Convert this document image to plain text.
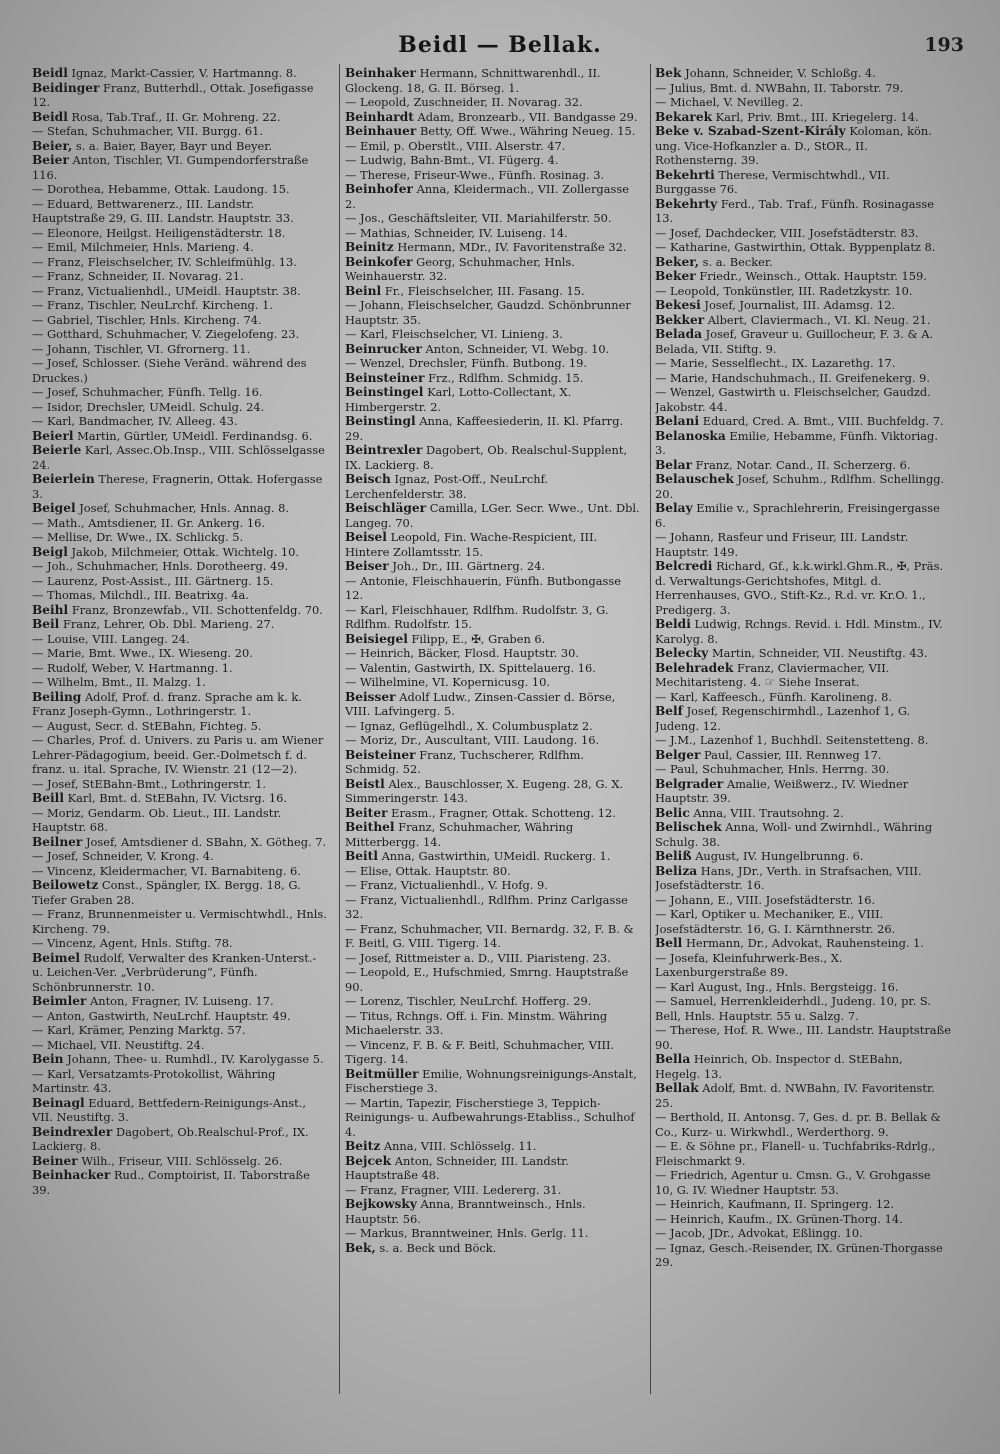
Beidl — Bellak.	193

Beidl Ignaz, Markt-Cassier, V. Hartmanng. 8.

Beidinger Franz, Butterhdl., Ottak. Josefigasse 12.

Beidl Rosa, Tab.Traf., II. Gr. Mohreng. 22.

— Stefan, Schuhmacher, VII. Burgg. 61.

Beier, s. a. Baier, Bayer, Bayr und Beyer.

Beier Anton, Tischler, VI. Gumpendorferstraße 116.

— Dorothea, Hebamme, Ottak. Laudong. 15.

— Eduard, Bettwarenerz., III. Landstr. Hauptstraße 29, G. III. Landstr. Hauptstr. 33.

— Eleonore, Heilgst. Heiligenstädterstr. 18.

— Emil, Milchmeier, Hnls. Marieng. 4.

— Franz, Fleischselcher, IV. Schleifmühlg. 13.

— Franz, Schneider, II. Novarag. 21.

— Franz, Victualienhdl., UMeidl. Hauptstr. 38.

— Franz, Tischler, NeuLrchf. Kircheng. 1.

— Gabriel, Tischler, Hnls. Kircheng. 74.

— Gotthard, Schuhmacher, V. Ziegelofeng. 23.

— Johann, Tischler, VI. Gfrornerg. 11.

— Josef, Schlosser. (Siehe Veränd. während des Druckes.)

— Josef, Schuhmacher, Fünfh. Tellg. 16.

— Isidor, Drechsler, UMeidl. Schulg. 24.

— Karl, Bandmacher, IV. Alleeg. 43.

Beierl Martin, Gürtler, UMeidl. Ferdinandsg. 6.

Beierle Karl, Assec.Ob.Insp., VIII. Schlösselgasse 24.

Beierlein Therese, Fragnerin, Ottak. Hofergasse 3.

Beigel Josef, Schuhmacher, Hnls. Annag. 8.

— Math., Amtsdiener, II. Gr. Ankerg. 16.

— Mellise, Dr. Wwe., IX. Schlickg. 5.

Beigl Jakob, Milchmeier, Ottak. Wichtelg. 10.

— Joh., Schuhmacher, Hnls. Dorotheerg. 49.

— Laurenz, Post-Assist., III. Gärtnerg. 15.

— Thomas, Milchdl., III. Beatrixg. 4a.

Beihl Franz, Bronzewfab., VII. Schottenfeldg. 70.

Beil Franz, Lehrer, Ob. Dbl. Marieng. 27.

— Louise, VIII. Langeg. 24.

— Marie, Bmt. Wwe., IX. Wieseng. 20.

— Rudolf, Weber, V. Hartmanng. 1.

— Wilhelm, Bmt., II. Malzg. 1.

Beiling Adolf, Prof. d. franz. Sprache am k. k. Franz Joseph-Gymn., Lothringerstr. 1.

— August, Secr. d. StEBahn, Fichteg. 5.

— Charles, Prof. d. Univers. zu Paris u. am Wiener Lehrer-Pädagogium, beeid. Ger.-Dolmetsch f. d. franz. u. ital. Sprache, IV. Wienstr. 21 (12—2).

— Josef, StEBahn-Bmt., Lothringerstr. 1.

Beill Karl, Bmt. d. StEBahn, IV. Victsrg. 16.

— Moriz, Gendarm. Ob. Lieut., III. Landstr. Hauptstr. 68.

Beilner Josef, Amtsdiener d. SBahn, X. Götheg. 7.

— Josef, Schneider, V. Krong. 4.

— Vincenz, Kleidermacher, VI. Barnabiteng. 6.

Beilowetz Const., Spängler, IX. Bergg. 18, G. Tiefer Graben 28.

— Franz, Brunnenmeister u. Vermischtwhdl., Hnls. Kircheng. 79.

— Vincenz, Agent, Hnls. Stiftg. 78.

Beimel Rudolf, Verwalter des Kranken-Unterst.- u. Leichen-Ver. „Verbrüderung“, Fünfh. Schönbrunnerstr. 10.

Beimler Anton, Fragner, IV. Luiseng. 17.

— Anton, Gastwirth, NeuLrchf. Hauptstr. 49.

— Karl, Krämer, Penzing Marktg. 57.

— Michael, VII. Neustiftg. 24.

Bein Johann, Thee- u. Rumhdl., IV. Karolygasse 5.

— Karl, Versatzamts-Protokollist, Währing Martinstr. 43.

Beinagl Eduard, Bettfedern-Reinigungs-Anst., VII. Neustiftg. 3.

Beindrexler Dagobert, Ob.Realschul-Prof., IX. Lackierg. 8.

Beiner Wilh., Friseur, VIII. Schlösselg. 26.

Beinhacker Rud., Comptoirist, II. Taborstraße 39.

Beinhaker Hermann, Schnittwarenhdl., II. Glockeng. 18, G. II. Börseg. 1.

— Leopold, Zuschneider, II. Novarag. 32.

Beinhardt Adam, Bronzearb., VII. Bandgasse 29.

Beinhauer Betty, Off. Wwe., Währing Neueg. 15.

— Emil, p. Oberstlt., VIII. Alserstr. 47.

— Ludwig, Bahn-Bmt., VI. Fügerg. 4.

— Therese, Friseur-Wwe., Fünfh. Rosinag. 3.

Beinhofer Anna, Kleidermach., VII. Zollergasse 2.

— Jos., Geschäftsleiter, VII. Mariahilferstr. 50.

— Mathias, Schneider, IV. Luiseng. 14.

Beinitz Hermann, MDr., IV. Favoritenstraße 32.

Beinkofer Georg, Schuhmacher, Hnls. Weinhauerstr. 32.

Beinl Fr., Fleischselcher, III. Fasang. 15.

— Johann, Fleischselcher, Gaudzd. Schönbrunner Hauptstr. 35.

— Karl, Fleischselcher, VI. Linieng. 3.

Beinrucker Anton, Schneider, VI. Webg. 10.

— Wenzel, Drechsler, Fünfh. Butbong. 19.

Beinsteiner Frz., Rdlfhm. Schmidg. 15.

Beinstingel Karl, Lotto-Collectant, X. Himbergerstr. 2.

Beinstingl Anna, Kaffeesiederin, II. Kl. Pfarrg. 29.

Beintrexler Dagobert, Ob. Realschul-Supplent, IX. Lackierg. 8.

Beisch Ignaz, Post-Off., NeuLrchf. Lerchenfelderstr. 38.

Beischläger Camilla, LGer. Secr. Wwe., Unt. Dbl. Langeg. 70.

Beisel Leopold, Fin. Wache-Respicient, III. Hintere Zollamtsstr. 15.

Beiser Joh., Dr., III. Gärtnerg. 24.

— Antonie, Fleischhauerin, Fünfh. Butbongasse 12.

— Karl, Fleischhauer, Rdlfhm. Rudolfstr. 3, G. Rdlfhm. Rudolfstr. 15.

Beisiegel Filipp, E., ✠, Graben 6.

— Heinrich, Bäcker, Flosd. Hauptstr. 30.

— Valentin, Gastwirth, IX. Spittelauerg. 16.

— Wilhelmine, VI. Kopernicusg. 10.

Beisser Adolf Ludw., Zinsen-Cassier d. Börse, VIII. Lafvingerg. 5.

— Ignaz, Geflügelhdl., X. Columbusplatz 2.

— Moriz, Dr., Auscultant, VIII. Laudong. 16.

Beisteiner Franz, Tuchscherer, Rdlfhm. Schmidg. 52.

Beistl Alex., Bauschlosser, X. Eugeng. 28, G. X. Simmeringerstr. 143.

Beiter Erasm., Fragner, Ottak. Schotteng. 12.

Beithel Franz, Schuhmacher, Währing Mitterbergg. 14.

Beitl Anna, Gastwirthin, UMeidl. Ruckerg. 1.

— Elise, Ottak. Hauptstr. 80.

— Franz, Victualienhdl., V. Hofg. 9.

— Franz, Victualienhdl., Rdlfhm. Prinz Carlgasse 32.

— Franz, Schuhmacher, VII. Bernardg. 32, F. B. & F. Beitl, G. VIII. Tigerg. 14.

— Josef, Rittmeister a. D., VIII. Piaristeng. 23.

— Leopold, E., Hufschmied, Smrng. Hauptstraße 90.

— Lorenz, Tischler, NeuLrchf. Hofferg. 29.

— Titus, Rchngs. Off. i. Fin. Minstm. Währing Michaelerstr. 33.

— Vincenz, F. B. & F. Beitl, Schuhmacher, VIII. Tigerg. 14.

Beitmüller Emilie, Wohnungsreinigungs-Anstalt, Fischerstiege 3.

— Martin, Tapezir, Fischerstiege 3, Teppich-Reinigungs- u. Aufbewahrungs-Etabliss., Schulhof 4.

Beitz Anna, VIII. Schlösselg. 11.

Bejcek Anton, Schneider, III. Landstr. Hauptstraße 48.

— Franz, Fragner, VIII. Ledererg. 31.

Bejkowsky Anna, Branntweinsch., Hnls. Hauptstr. 56.

— Markus, Branntweiner, Hnls. Gerlg. 11.

Bek, s. a. Beck und Böck.

Bek Johann, Schneider, V. Schloßg. 4.

— Julius, Bmt. d. NWBahn, II. Taborstr. 79.

— Michael, V. Nevilleg. 2.

Bekarek Karl, Priv. Bmt., III. Kriegelerg. 14.

Beke v. Szabad-Szent-Király Koloman, kön. ung. Vice-Hofkanzler a. D., StOR., II. Rothensterng. 39.

Bekehrti Therese, Vermischtwhdl., VII. Burggasse 76.

Bekehrty Ferd., Tab. Traf., Fünfh. Rosinagasse 13.

— Josef, Dachdecker, VIII. Josefstädterstr. 83.

— Katharine, Gastwirthin, Ottak. Byppenplatz 8.

Beker, s. a. Becker.

Beker Friedr., Weinsch., Ottak. Hauptstr. 159.

— Leopold, Tonkünstler, III. Radetzkystr. 10.

Bekesi Josef, Journalist, III. Adamsg. 12.

Bekker Albert, Claviermach., VI. Kl. Neug. 21.

Belada Josef, Graveur u. Guillocheur, F. 3. & A. Belada, VII. Stiftg. 9.

— Marie, Sesselflecht., IX. Lazarethg. 17.

— Marie, Handschuhmach., II. Greifenekerg. 9.

— Wenzel, Gastwirth u. Fleischselcher, Gaudzd. Jakobstr. 44.

Belani Eduard, Cred. A. Bmt., VIII. Buchfeldg. 7.

Belanoska Emilie, Hebamme, Fünfh. Viktoriag. 3.

Belar Franz, Notar. Cand., II. Scherzerg. 6.

Belauschek Josef, Schuhm., Rdlfhm. Schellingg. 20.

Belay Emilie v., Sprachlehrerin, Freisingergasse 6.

— Johann, Rasfeur und Friseur, III. Landstr. Hauptstr. 149.

Belcredi Richard, Gf., k.k.wirkl.Ghm.R., ✠, Präs. d. Verwaltungs-Gerichtshofes, Mitgl. d. Herrenhauses, GVO., Stift-Kz., R.d. vr. Kr.O. 1., Predigerg. 3.

Beldi Ludwig, Rchngs. Revid. i. Hdl. Minstm., IV. Karolyg. 8.

Belecky Martin, Schneider, VII. Neustiftg. 43.

Belehradek Franz, Claviermacher, VII. Mechitaristeng. 4. ☞ Siehe Inserat.

— Karl, Kaffeesch., Fünfh. Karolineng. 8.

Belf Josef, Regenschirmhdl., Lazenhof 1, G. Judeng. 12.

— J.M., Lazenhof 1, Buchhdl. Seitenstetteng. 8.

Belger Paul, Cassier, III. Rennweg 17.

— Paul, Schuhmacher, Hnls. Herrng. 30.

Belgrader Amalie, Weißwerz., IV. Wiedner Hauptstr. 39.

Belic Anna, VIII. Trautsohng. 2.

Belischek Anna, Woll- und Zwirnhdl., Währing Schulg. 38.

Beliß August, IV. Hungelbrunng. 6.

Beliza Hans, JDr., Verth. in Strafsachen, VIII. Josefstädterstr. 16.

— Johann, E., VIII. Josefstädterstr. 16.

— Karl, Optiker u. Mechaniker, E., VIII. Josefstädterstr. 16, G. I. Kärnthnerstr. 26.

Bell Hermann, Dr., Advokat, Rauhensteing. 1.

— Josefa, Kleinfuhrwerk-Bes., X. Laxenburgerstraße 89.

— Karl August, Ing., Hnls. Bergsteigg. 16.

— Samuel, Herrenkleiderhdl., Judeng. 10, pr. S. Bell, Hnls. Hauptstr. 55 u. Salzg. 7.

— Therese, Hof. R. Wwe., III. Landstr. Hauptstraße 90.

Bella Heinrich, Ob. Inspector d. StEBahn, Hegelg. 13.

Bellak Adolf, Bmt. d. NWBahn, IV. Favoritenstr. 25.

— Berthold, II. Antonsg. 7, Ges. d. pr. B. Bellak & Co., Kurz- u. Wirkwhdl., Werderthorg. 9.

— E. & Söhne pr., Flanell- u. Tuchfabriks-Rdrlg., Fleischmarkt 9.

— Friedrich, Agentur u. Cmsn. G., V. Grohgasse 10, G. IV. Wiedner Hauptstr. 53.

— Heinrich, Kaufmann, II. Springerg. 12.

— Heinrich, Kaufm., IX. Grünen-Thorg. 14.

— Jacob, JDr., Advokat, Eßlingg. 10.

— Ignaz, Gesch.-Reisender, IX. Grünen-Thorgasse 29.
